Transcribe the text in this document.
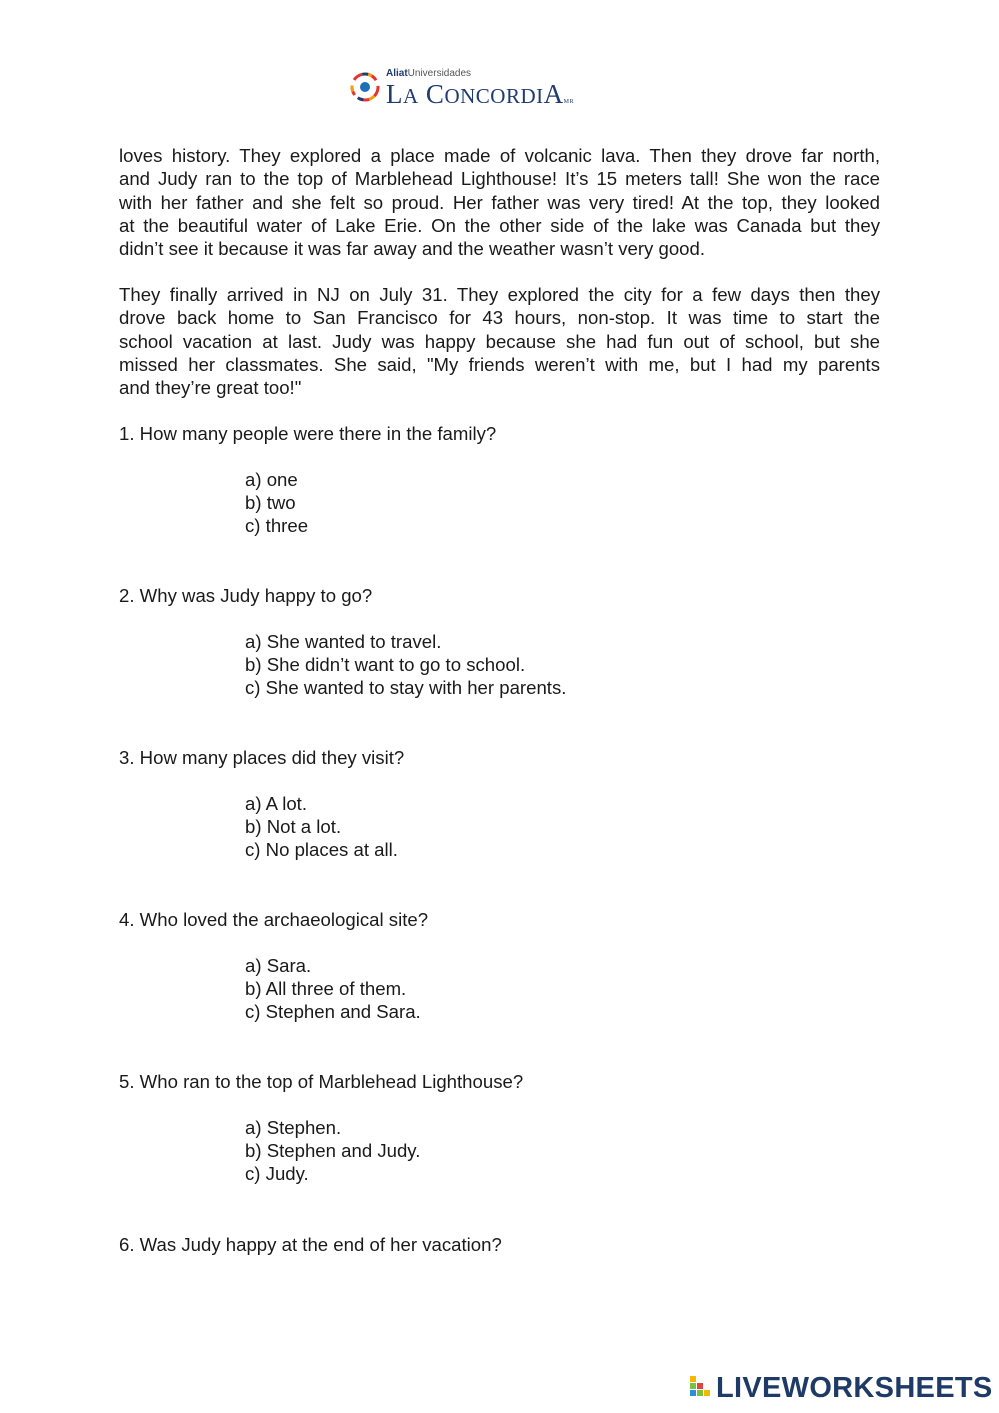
AliatUniversidades
LA CONCORDIAMR

loves history. They explored a place made of volcanic lava. Then they drove far north,
and Judy ran to the top of Marblehead Lighthouse! It’s 15 meters tall! She won the race
with her father and she felt so proud. Her father was very tired! At the top, they looked
at the beautiful water of Lake Erie. On the other side of the lake was Canada but they
didn’t see it because it was far away and the weather wasn’t very good.

They finally arrived in NJ on July 31. They explored the city for a few days then they
drove back home to San Francisco for 43 hours, non-stop. It was time to start the
school vacation at last. Judy was happy because she had fun out of school, but she
missed her classmates. She said, "My friends weren’t with me, but I had my parents
and they’re great too!"

1. How many people were there in the family?

a) one
b) two
c) three

2. Why was Judy happy to go?

a) She wanted to travel.
b) She didn’t want to go to school.
c) She wanted to stay with her parents.

3. How many places did they visit?

a) A lot.
b) Not a lot.
c) No places at all.

4. Who loved the archaeological site?

a) Sara.
b) All three of them.
c) Stephen and Sara.

5. Who ran to the top of Marblehead Lighthouse?

a) Stephen.
b) Stephen and Judy.
c) Judy.

6. Was Judy happy at the end of her vacation?

LIVEWORKSHEETS
